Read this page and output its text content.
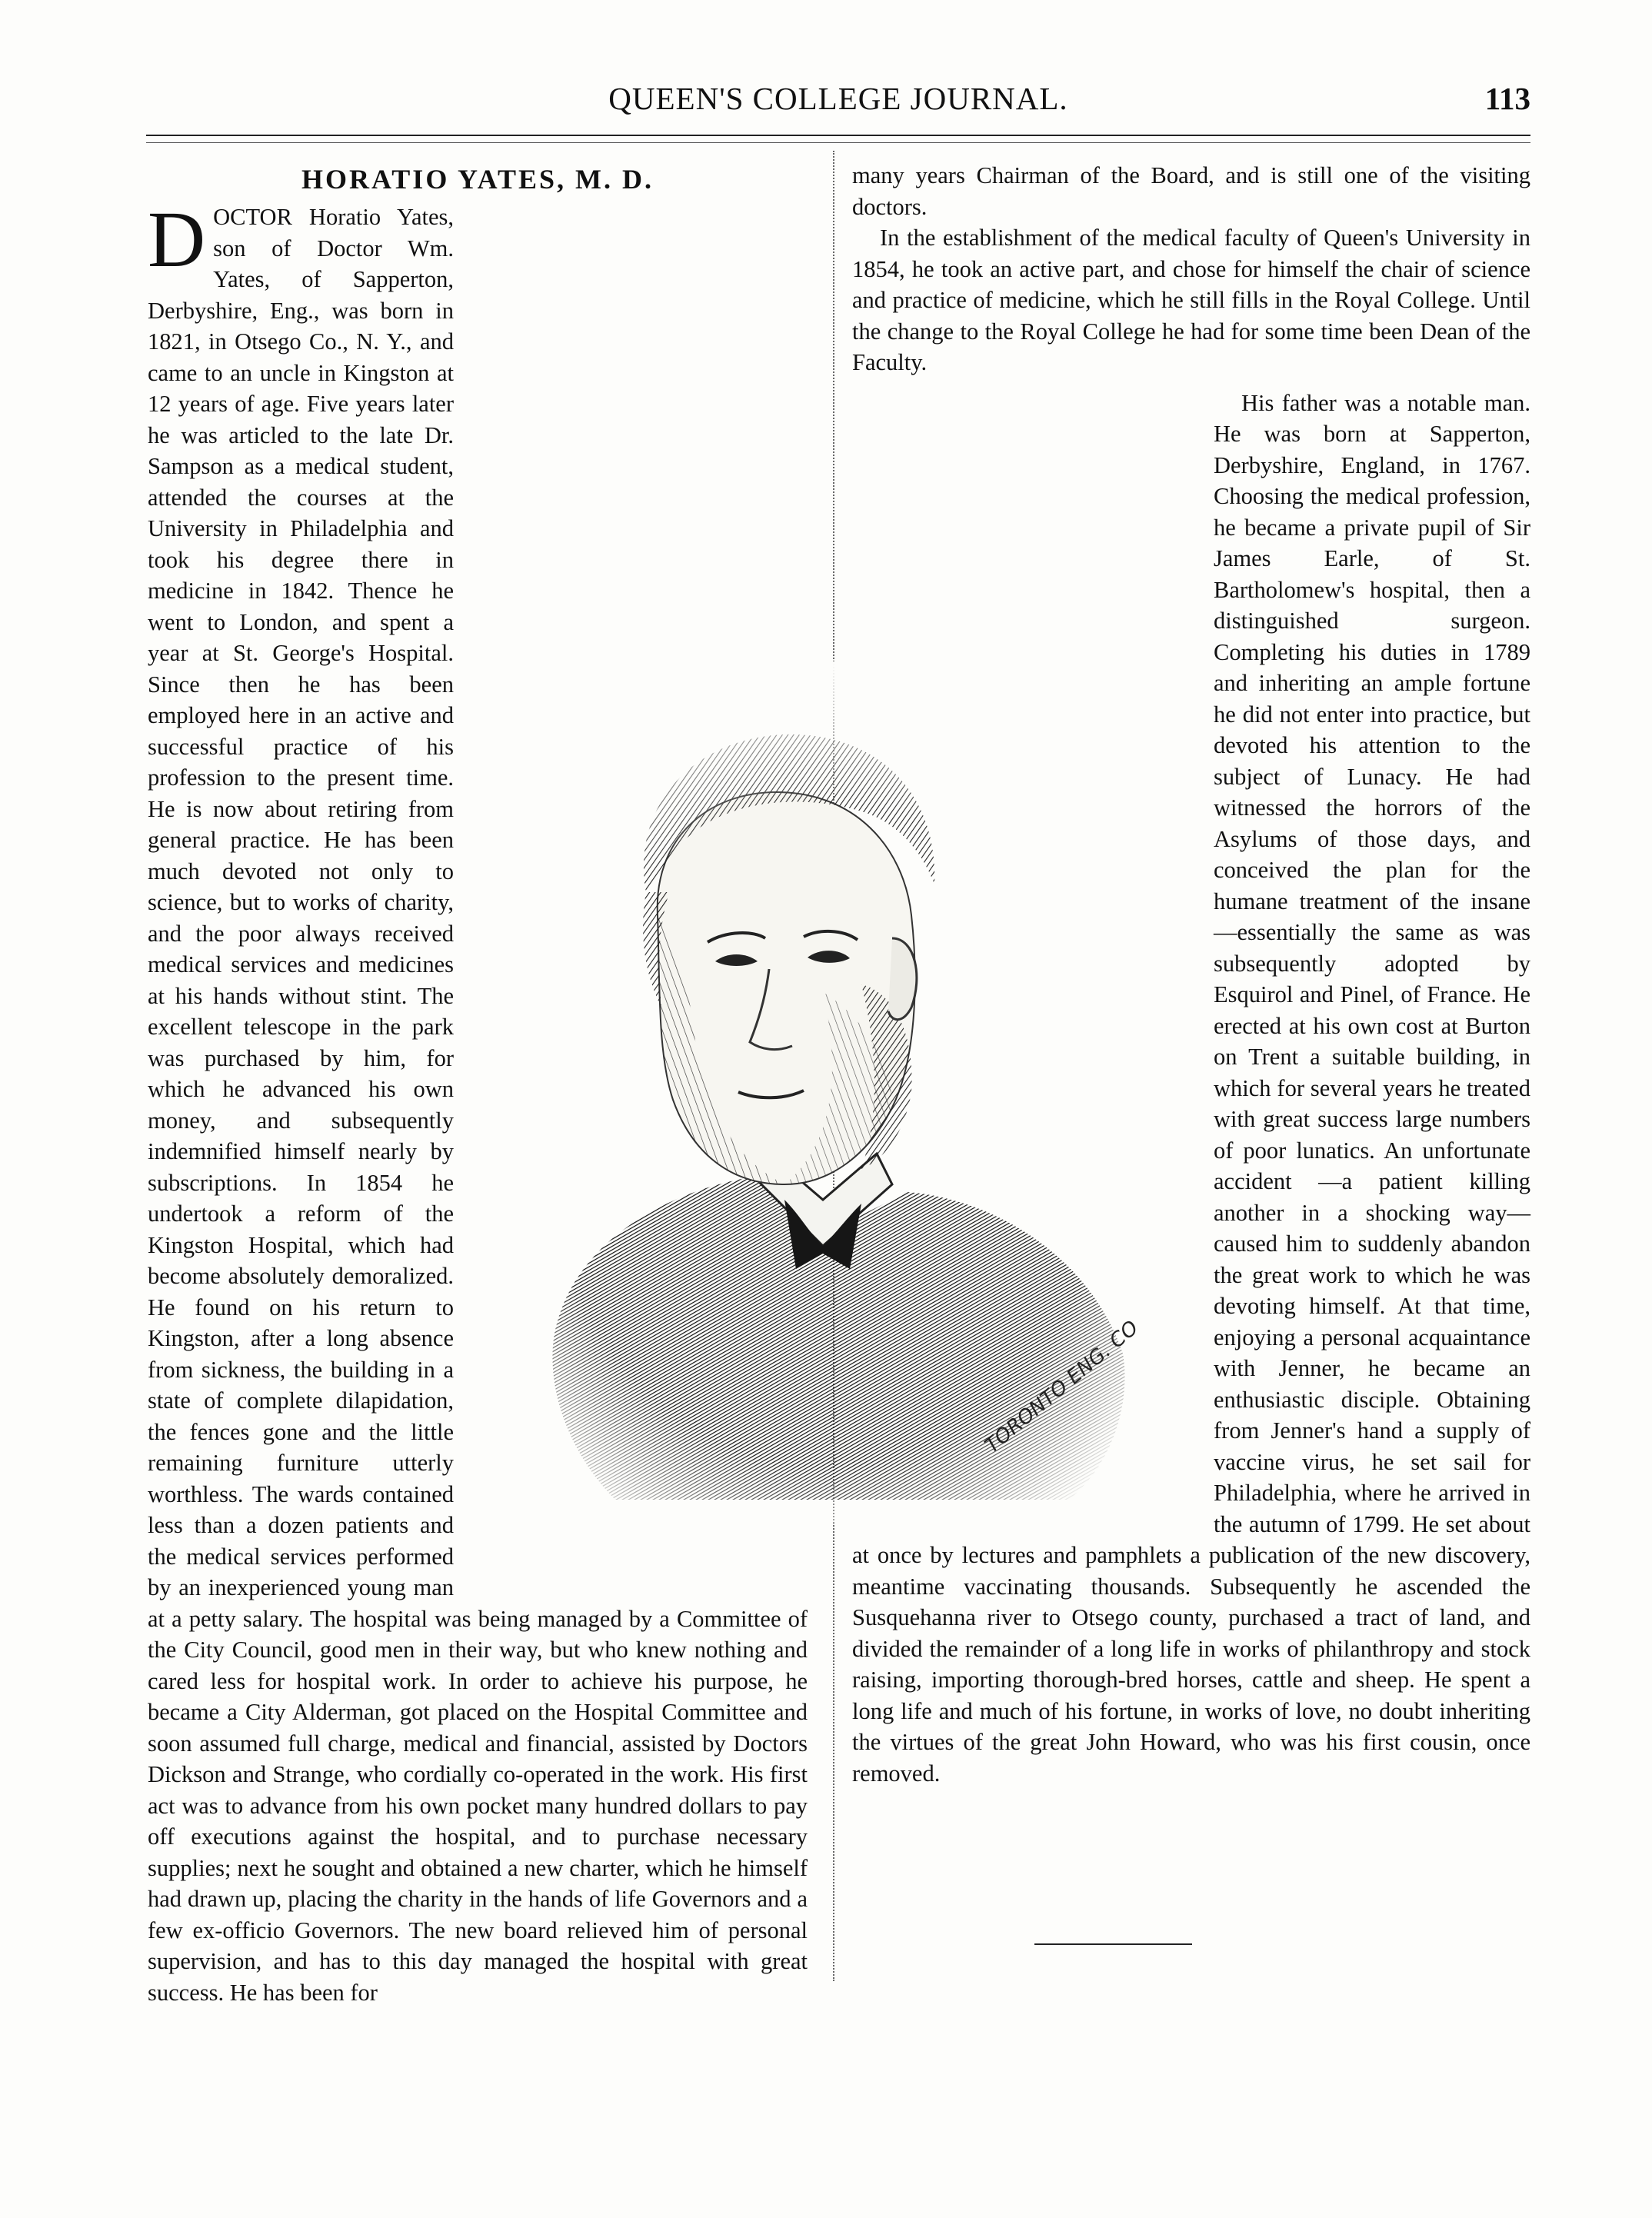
QUEEN'S COLLEGE JOURNAL.	113
HORATIO YATES, M. D.

DOCTOR Horatio Yates, son of Doctor Wm. Yates, of Sapperton, Derbyshire, Eng., was born in 1821, in Otsego Co., N. Y., and came to an uncle in Kingston at 12 years of age. Five years later he was articled to the late Dr. Sampson as a medical student, attended the courses at the University in Philadelphia and took his degree there in medicine in 1842. Thence he went to London, and spent a year at St. George's Hospital. Since then he has been employed here in an active and successful practice of his profession to the present time. He is now about retiring from general practice. He has been much devoted not only to science, but to works of charity, and the poor always received medical services and medicines at his hands without stint. The excellent telescope in the park was purchased by him, for which he advanced his own money, and subsequently indemnified himself nearly by subscriptions. In 1854 he undertook a reform of the Kingston Hospital, which had become absolutely demoralized. He found on his return to Kingston, after a long absence from sickness, the building in a state of complete dilapidation, the fences gone and the little remaining furniture utterly worthless. The wards contained less than a dozen patients and the medical services performed by an inexperienced young man at a petty salary. The hospital was being managed by a Committee of the City Council, good men in their way, but who knew nothing and cared less for hospital work. In order to achieve his purpose, he became a City Alderman, got placed on the Hospital Committee and soon assumed full charge, medical and financial, assisted by Doctors Dickson and Strange, who cordially co-operated in the work. His first act was to advance from his own pocket many hundred dollars to pay off executions against the hospital, and to purchase necessary supplies; next he sought and obtained a new charter, which he himself had drawn up, placing the charity in the hands of life Governors and a few ex-officio Governors. The new board relieved him of personal supervision, and has to this day managed the hospital with great success. He has been for

many years Chairman of the Board, and is still one of the visiting doctors.

In the establishment of the medical faculty of Queen's University in 1854, he took an active part, and chose for himself the chair of science and practice of medicine, which he still fills in the Royal College. Until the change to the Royal College he had for some time been Dean of the Faculty.

His father was a notable man. He was born at Sapperton, Derbyshire, England, in 1767. Choosing the medical profession, he became a private pupil of Sir James Earle, of St. Bartholomew's hospital, then a distinguished surgeon. Completing his duties in 1789 and inheriting an ample fortune he did not enter into practice, but devoted his attention to the subject of Lunacy. He had witnessed the horrors of the Asylums of those days, and conceived the plan for the humane treatment of the insane—essentially the same as was subsequently adopted by Esquirol and Pinel, of France. He erected at his own cost at Burton on Trent a suitable building, in which for several years he treated with great success large numbers of poor lunatics. An unfortunate accident —a patient killing another in a shocking way—caused him to suddenly abandon the great work to which he was devoting himself. At that time, enjoying a personal acquaintance with Jenner, he became an enthusiastic disciple. Obtaining from Jenner's hand a supply of vaccine virus, he set sail for Philadelphia, where he arrived in the autumn of 1799. He set about at once by lectures and pamphlets a publication of the new discovery, meantime vaccinating thousands. Subsequently he ascended the Susquehanna river to Otsego county, purchased a tract of land, and divided the remainder of a long life in works of philanthropy and stock raising, importing thorough-bred horses, cattle and sheep. He spent a long life and much of his fortune, in works of love, no doubt inheriting the virtues of the great John Howard, who was his first cousin, once removed.

TORONTO ENG. CO
